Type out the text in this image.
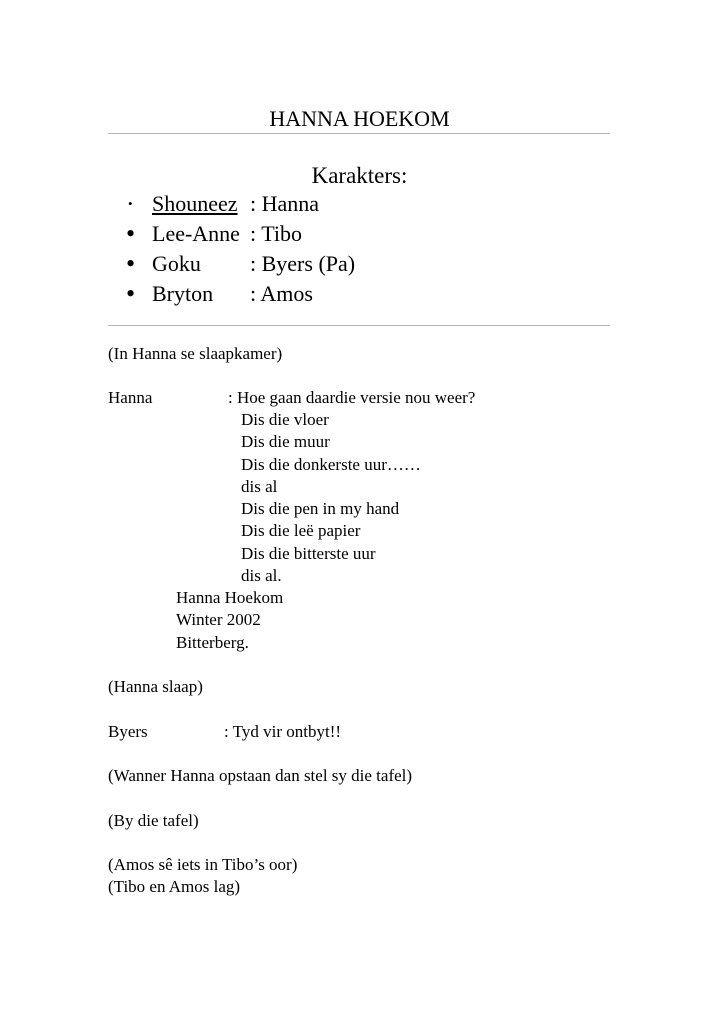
HANNA HOEKOM
Karakters:
• Shouneez : Hanna
• Lee-Anne : Tibo
• Goku : Byers (Pa)
• Bryton : Amos
(In Hanna se slaapkamer)
Hanna	: Hoe gaan daardie versie nou weer?
Dis die vloer
Dis die muur
Dis die donkerste uur……
dis al
Dis die pen in my hand
Dis die leë papier
Dis die bitterste uur
dis al.
Hanna Hoekom
Winter 2002
Bitterberg.
(Hanna slaap)
Byers	: Tyd vir ontbyt!!
(Wanner Hanna opstaan dan stel sy die tafel)
(By die tafel)
(Amos sê iets in Tibo’s oor)
(Tibo en Amos lag)
